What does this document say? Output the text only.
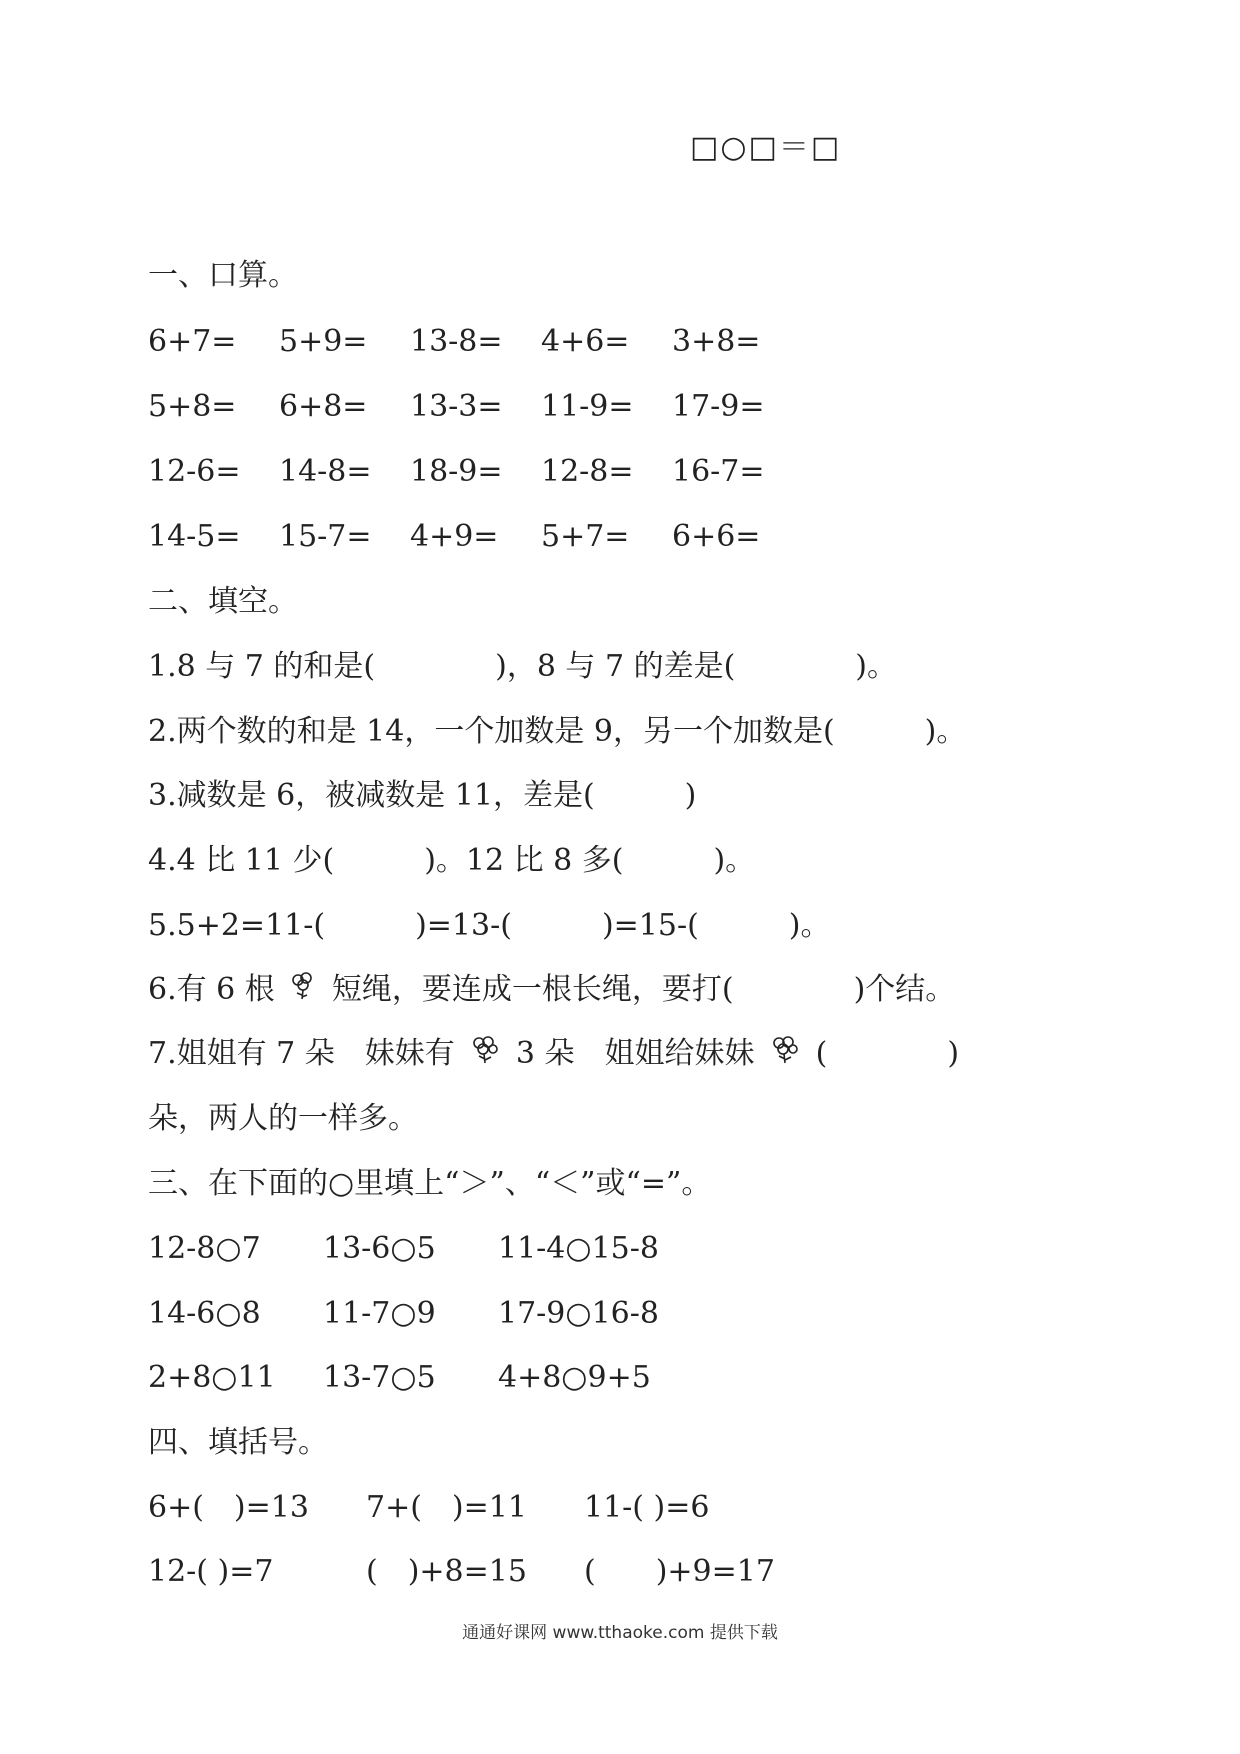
□○□＝□
一、口算。
6+7= 5+9= 13-8= 4+6= 3+8=
5+8= 6+8= 13-3= 11-9= 17-9=
12-6= 14-8= 18-9= 12-8= 16-7=
14-5= 15-7= 4+9= 5+7= 6+6=
二、填空。
1.8 与 7 的和是(　　　　)，8 与 7 的差是(　　　　)。
2.两个数的和是 14，一个加数是 9，另一个加数是(　　　)。
3.减数是 6，被减数是 11，差是(　　　)
4.4 比 11 少(　　　)。12 比 8 多(　　　)。
5.5+2=11-(　　　)=13-(　　　)=15-(　　　)。
6.有 6 根 短绳，要连成一根长绳，要打(　　　　)个结。
7.姐姐有 7 朵　妹妹有 3 朵　姐姐给妹妹 (　　　　)
朵，两人的一样多。
三、在下面的○里填上“＞”、“＜”或“=”。
12-8○7 13-6○5 11-4○15-8
14-6○8 11-7○9 17-9○16-8
2+8○11 13-7○5 4+8○9+5
四、填括号。
6+(　)=13 7+(　)=11 11-( )=6
12-( )=7	(　)+8=15 (　　)+9=17
通通好课网 www.tthaoke.com 提供下载
